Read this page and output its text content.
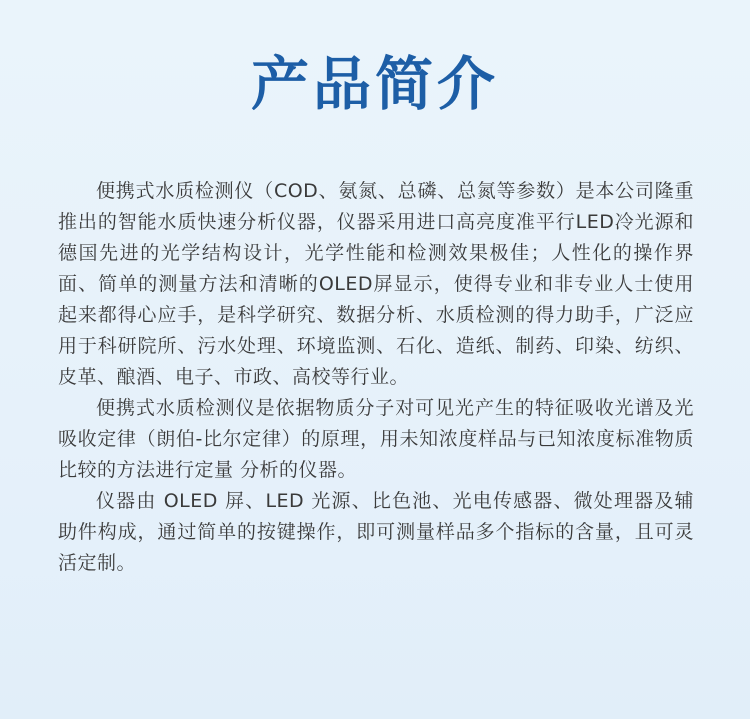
产品简介

便携式水质检测仪（COD、氨氮、总磷、总氮等参数）是本公司隆重推出的智能水质快速分析仪器，仪器采用进口高亮度准平行LED冷光源和德国先进的光学结构设计，光学性能和检测效果极佳；人性化的操作界面、简单的测量方法和清晰的OLED屏显示，使得专业和非专业人士使用起来都得心应手，是科学研究、数据分析、水质检测的得力助手，广泛应用于科研院所、污水处理、环境监测、石化、造纸、制药、印染、纺织、皮革、酿酒、电子、市政、高校等行业。

便携式水质检测仪是依据物质分子对可见光产生的特征吸收光谱及光吸收定律（朗伯-比尔定律）的原理，用未知浓度样品与已知浓度标准物质比较的方法进行定量 分析的仪器。

仪器由 OLED 屏、LED 光源、比色池、光电传感器、微处理器及辅助件构成，通过简单的按键操作，即可测量样品多个指标的含量，且可灵活定制。
